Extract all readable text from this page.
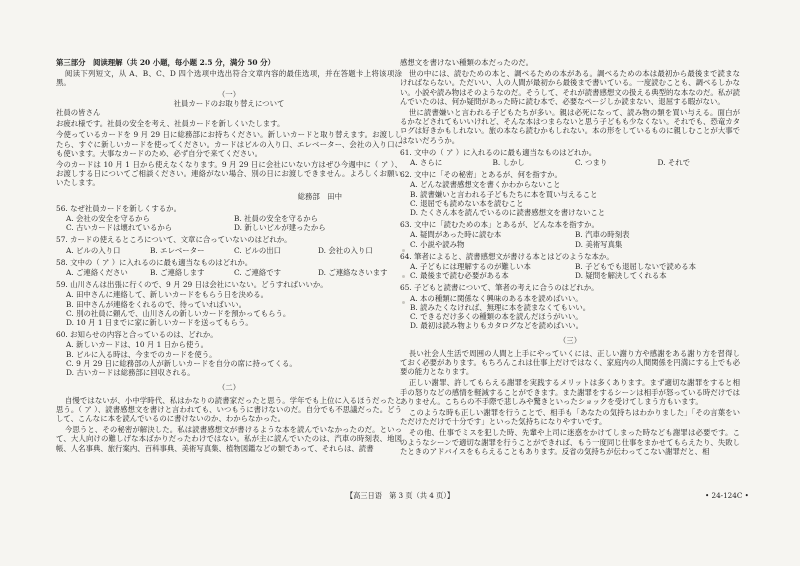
第三部分　阅读理解（共 20 小题，每小题 2.5 分，满分 50 分）

阅读下列短文，从 A、B、C、D 四个选项中选出符合文章内容的最佳选项，并在答题卡上将该项涂黑。

（一）
社員カードのお取り替えについて

社員の皆さん

お疲れ様です。社員の安全を考え、社員カードを新しくいたします。

今使っているカードを 9 月 29 日に総務部にお持ちください。新しいカードと取り替えます。お渡ししたら、すぐに新しいカードを使ってください。カードはビルの入り口、エレベーター、会社の入り口にも使います。大事なカードのため、必ず自分で来てください。

今のカードは 10 月 1 日から使えなくなります。9 月 29 日に会社にいない方はぜひ今週中に（ ア ）、お渡しする日についてご相談ください。連絡がない場合、別の日にお渡しできません。よろしくお願いいたします。

総務部　田中

56. なぜ社員カードを新しくするか。

A. 会社の安全を守るから	B. 社員の安全を守るから
C. 古いカードは壊れているから	D. 新しいビルが建ったから

57. カードの使えるところについて、文章に合っていないのはどれか。

A. ビルの入り口	B. エレベーター	C. ビルの出口	D. 会社の入り口

58. 文中の（ ア ）に入れるのに最も適当なものはどれか。

A. ご連絡ください	B. ご連絡します	C. ご連絡です	D. ご連絡なさいます

59. 山川さんは出張に行くので、9 月 29 日は会社にいない。どうすればいいか。

A. 田中さんに連絡して、新しいカードをもらう日を決める。
B. 田中さんが連絡をくれるので、待っていればいい。
C. 別の社員に頼んで、山川さんの新しいカードを預かってもらう。
D. 10 月 1 日までに家に新しいカードを送ってもらう。

60. お知らせの内容と合っているのは、どれか。

A. 新しいカードは、10 月 1 日から使う。
B. ビルに入る時は、今までのカードを使う。
C. 9 月 29 日に総務部の人が新しいカードを自分の席に持ってくる。
D. 古いカードは総務部に回収される。
（二）

自慢ではないが、小中学時代、私はかなりの読書家だったと思う。学年でも上位に入るほうだったと思う。（ ア ）、読書感想文を書けと言われても、いつもうに書けないのだ。自分でも不思議だった。どうして、こんなに本を読んでいるのに書けないのか、わからなかった。

今思うと、その秘密が解決した。私は読書感想文が書けるような本を読んでいなかったのだ。といって、大人向けの難しげな本ばかりだったわけではない。私が主に読んでいたのは、汽車の時刻表、地図帳、人名事典、旅行案内、百科事典、美術写真集、植物図鑑などの類であって、それらは、読書

感想文を書けない種類の本だったのだ。

世の中には、読むための本と、調べるための本がある。調べるための本は最初から最後まで読まなければならない。ただいい、人の人間が最初から最後まで書いている。一度読むことも、調べるしかない。小説や読み物はそのようなのだ。そうして、それが読書感想文の扱える典型的な本なのだ。私が読んでいたのは、何か疑問があった時に読む本で、必要なページしか読まない、退屈する暇がない。

世に読書嫌いと言われる子どもたちが多い。親は必死になって、読み物の類を買い与える。面白がるかなどされてもいいけれど、そんな本はつまらないと思う子どもも少なくない。それでも、恐竜カタログは好きかもしれない。旅の本なら読むかもしれない。本の形をしているものに親しむことが大事ではないだろうか。

61. 文中の（ ア ）に入れるのに最も適当なものはどれか。

A. さらに	B. しかし	C. つまり	D. それで

62. 文中に「その秘密」とあるが、何を指すか。

A. どんな読書感想文を書くかわからないこと
B. 読書嫌いと言われる子どもたちに本を買い与えること
C. 退屈でも読めない本を読むこと
D. たくさん本を読んでいるのに読書感想文を書けないこと

63. 文中に「読むための本」とあるが、どんな本を指すか。

A. 疑問があった時に読む本	B. 汽車の時刻表
C. 小説や読み物	D. 美術写真集

64. 筆者によると、読書感想文が書ける本とはどのような本か。

A. 子どもには理解するのが難しい本	B. 子どもでも退屈しないで読める本
C. 最後まで読む必要がある本	D. 疑問を解決してくれる本

65. 子どもと読書について、筆者の考えに合うのはどれか。

A. 本の種類に関係なく興味のある本を読めばいい。
B. 読みたくなければ、無理に本を読まなくてもいい。
C. できるだけ多くの種類の本を読んだほうがいい。
D. 最初は読み物よりもカタログなどを読めばいい。
（三）

長い社会人生活で周囲の人間と上手にやっていくには、正しい謝り方や感謝をある謝り方を習得しておく必要があります。もちろんこれは仕事上だけではなく、家庭内の人間関係を円満にする上でも必要の能力となります。

正しい謝罪、許してもらえる謝罪を実践するメリットは多くあります。まず適切な謝罪をすると相手の怒りなどの感情を軽減することができます。また謝罪をするシーンは相手が怒っている時だけではありません。こちらの不手際で悲しみや驚きといったショックを受けてしまう方もいます。

このような時も正しい謝罪を行うことで、相手も「あなたの気持ちはわかりました」「その言葉をいただけただけで十分です」といった気持ちになりやすいです。

その他、仕事でミスを犯した時、先輩や上司に迷惑をかけてしまった時なども謝罪は必要です。このようなシーンで適切な謝罪を行うことができれば、もう一度同じ仕事をまかせてもらえたり、失敗したときのアドバイスをもらえることもあります。反省の気持ちが伝わってこない謝罪だと、相

【高三日语　第 3 页（共 4 页）】	• 24-124C •
